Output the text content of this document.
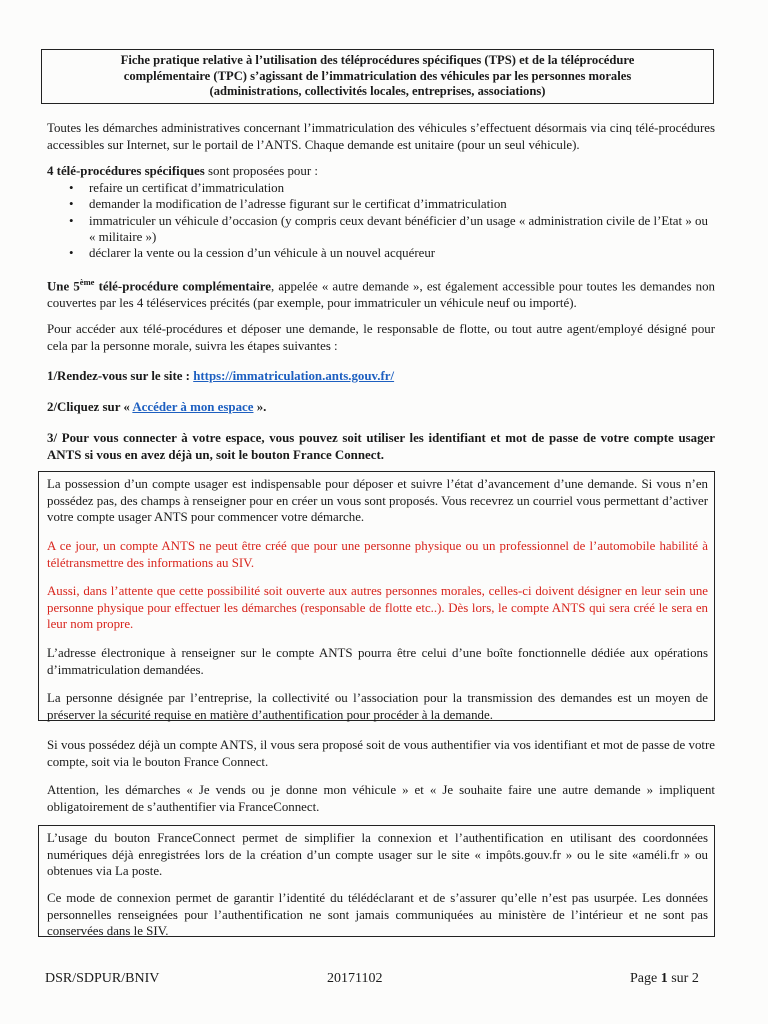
Fiche pratique relative à l’utilisation des téléprocédures spécifiques (TPS) et de la téléprocédure
complémentaire (TPC) s’agissant de l’immatriculation des véhicules par les personnes morales
(administrations, collectivités locales, entreprises, associations)
Toutes les démarches administratives concernant l’immatriculation des véhicules s’effectuent désormais via cinq télé-procédures accessibles sur Internet, sur le portail de l’ANTS. Chaque demande est unitaire (pour un seul véhicule).
4 télé-procédures spécifiques sont proposées pour :
• refaire un certificat d’immatriculation
• demander la modification de l’adresse figurant sur le certificat d’immatriculation
• immatriculer un véhicule d’occasion (y compris ceux devant bénéficier d’un usage « administration civile de l’Etat » ou « militaire »)
• déclarer la vente ou la cession d’un véhicule à un nouvel acquéreur
Une 5ème télé-procédure complémentaire, appelée « autre demande », est également accessible pour toutes les demandes non couvertes par les 4 téléservices précités (par exemple, pour immatriculer un véhicule neuf ou importé).
Pour accéder aux télé-procédures et déposer une demande, le responsable de flotte, ou tout autre agent/employé désigné pour cela par la personne morale, suivra les étapes suivantes :
1/Rendez-vous sur le site : https://immatriculation.ants.gouv.fr/
2/Cliquez sur « Accéder à mon espace ».
3/ Pour vous connecter à votre espace, vous pouvez soit utiliser les identifiant et mot de passe de votre compte usager ANTS si vous en avez déjà un, soit le bouton France Connect.
La possession d’un compte usager est indispensable pour déposer et suivre l’état d’avancement d’une demande. Si vous n’en possédez pas, des champs à renseigner pour en créer un vous sont proposés. Vous recevrez un courriel vous permettant d’activer votre compte usager ANTS pour commencer votre démarche.
A ce jour, un compte ANTS ne peut être créé que pour une personne physique ou un professionnel de l’automobile habilité à télétransmettre des informations au SIV.
Aussi, dans l’attente que cette possibilité soit ouverte aux autres personnes morales, celles-ci doivent désigner en leur sein une personne physique pour effectuer les démarches (responsable de flotte etc..). Dès lors, le compte ANTS qui sera créé le sera en leur nom propre.
L’adresse électronique à renseigner sur le compte ANTS pourra être celui d’une boîte fonctionnelle dédiée aux opérations d’immatriculation demandées.
La personne désignée par l’entreprise, la collectivité ou l’association pour la transmission des demandes est un moyen de préserver la sécurité requise en matière d’authentification pour procéder à la demande.
Si vous possédez déjà un compte ANTS, il vous sera proposé soit de vous authentifier via vos identifiant et mot de passe de votre compte, soit via le bouton France Connect.
Attention, les démarches « Je vends ou je donne mon véhicule » et « Je souhaite faire une autre demande » impliquent obligatoirement de s’authentifier via FranceConnect.
L’usage du bouton FranceConnect permet de simplifier la connexion et l’authentification en utilisant des coordonnées numériques déjà enregistrées lors de la création d’un compte usager sur le site « impôts.gouv.fr » ou le site «améli.fr » ou obtenues via La poste.
Ce mode de connexion permet de garantir l’identité du télédéclarant et de s’assurer qu’elle n’est pas usurpée. Les données personnelles renseignées pour l’authentification ne sont jamais communiquées au ministère de l’intérieur et ne sont pas conservées dans le SIV.
DSR/SDPUR/BNIV	20171102	Page 1 sur 2
